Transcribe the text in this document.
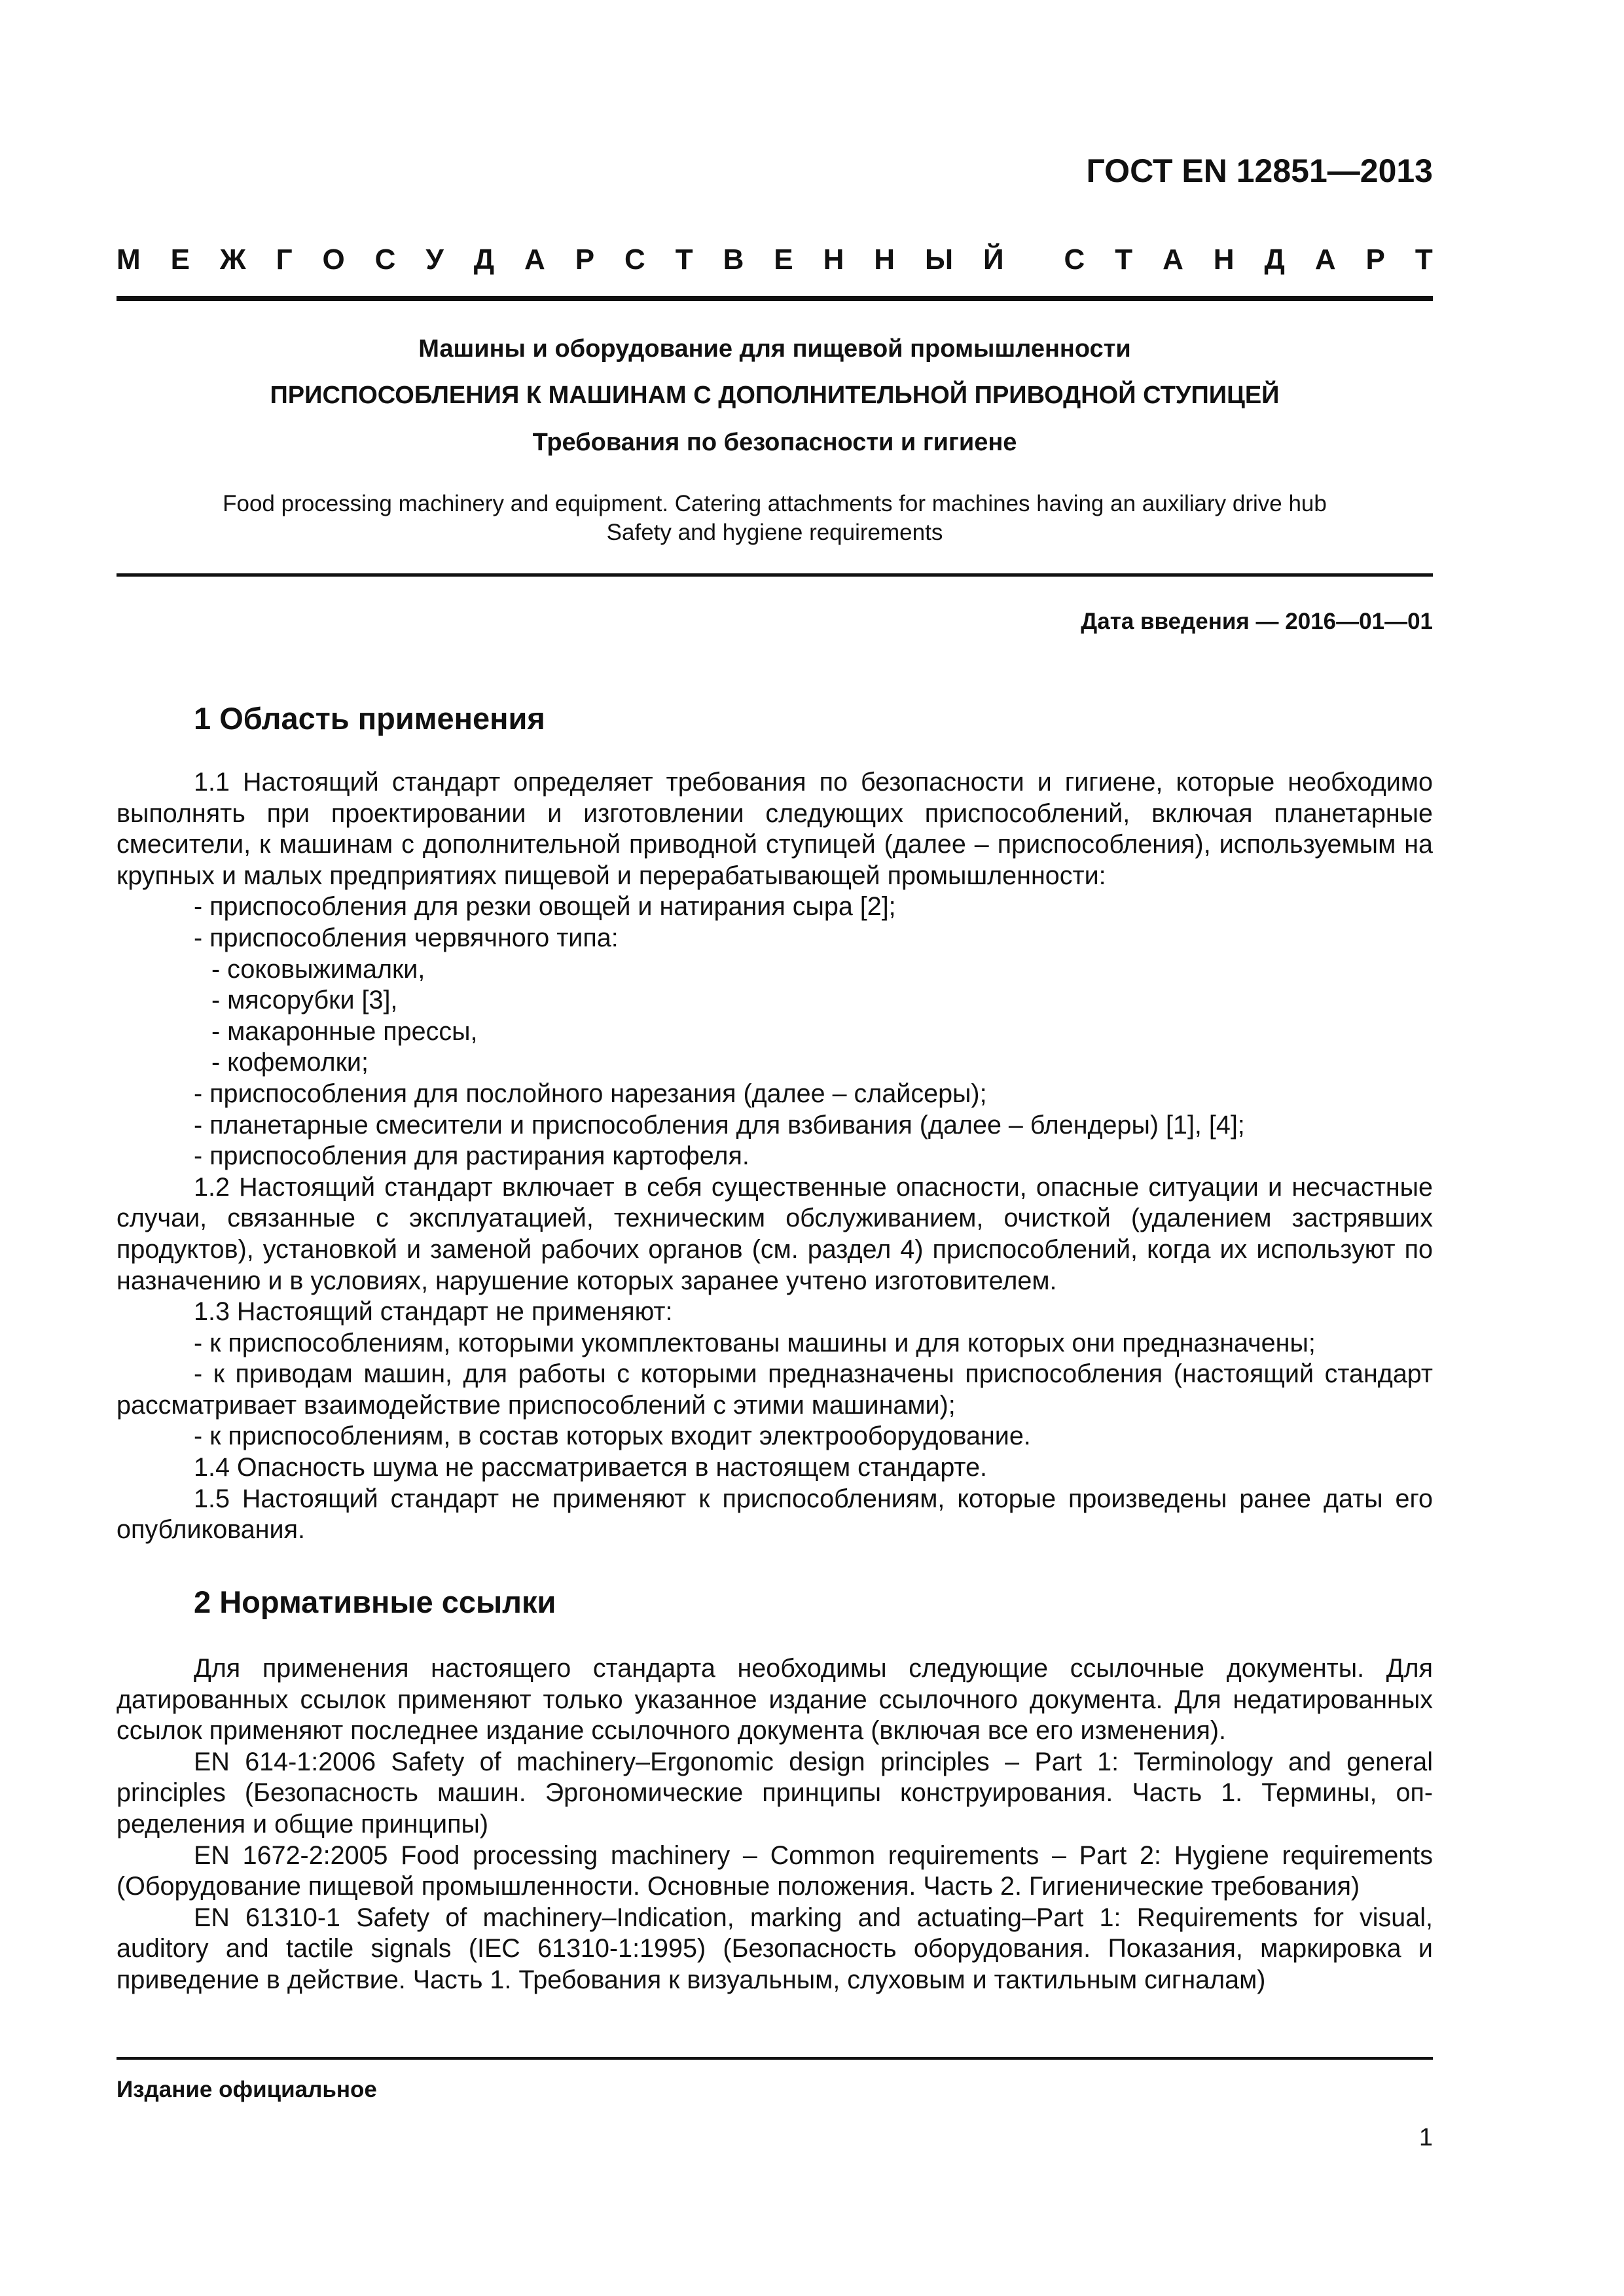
ГОСТ EN 12851—2013
М Е Ж Г О С У Д А Р С Т В Е Н Н Ы Й С Т А Н Д А Р Т
Машины и оборудование для пищевой промышленности
ПРИСПОСОБЛЕНИЯ К МАШИНАМ С ДОПОЛНИТЕЛЬНОЙ ПРИВОДНОЙ СТУПИЦЕЙ
Требования по безопасности и гигиене
Food processing machinery and equipment. Catering attachments for machines having an auxiliary drive hub
Safety and hygiene requirements
Дата введения — 2016—01—01
1 Область применения

1.1 Настоящий стандарт определяет требования по безопасности и гигиене, которые необходимо выполнять при проектировании и изготовлении следующих приспособлений, включая планетарные смесители, к машинам с дополнительной приводной ступицей (далее – приспособления), используемым на крупных и малых предприятиях пищевой и перерабатывающей промышленности:

- приспособления для резки овощей и натирания сыра [2];

- приспособления червячного типа:

- соковыжималки,

- мясорубки [3],

- макаронные прессы,

- кофемолки;

- приспособления для послойного нарезания (далее – слайсеры);

- планетарные смесители и приспособления для взбивания (далее – блендеры) [1], [4];

- приспособления для растирания картофеля.

1.2 Настоящий стандарт включает в себя существенные опасности, опасные ситуации и несчастные случаи, связанные с эксплуатацией, техническим обслуживанием, очисткой (удалением застрявших продуктов), установкой и заменой рабочих органов (см. раздел 4) приспособлений, когда их используют по назначению и в условиях, нарушение которых заранее учтено изготовителем.

1.3 Настоящий стандарт не применяют:

- к приспособлениям, которыми укомплектованы машины и для которых они предназначены;

- к приводам машин, для работы с которыми предназначены приспособления (настоящий стандарт рассматривает взаимодействие приспособлений с этими машинами);

- к приспособлениям, в состав которых входит электрооборудование.

1.4 Опасность шума не рассматривается в настоящем стандарте.

1.5 Настоящий стандарт не применяют к приспособлениям, которые произведены ранее даты его опубликования.

2 Нормативные ссылки

Для применения настоящего стандарта необходимы следующие ссылочные документы. Для датированных ссылок применяют только указанное издание ссылочного документа. Для недатированных ссылок применяют последнее издание ссылочного документа (включая все его изменения).

EN 614-1:2006 Safety of machinery–Ergonomic design principles – Part 1: Terminology and general principles (Безопасность машин. Эргономические принципы конструирования. Часть 1. Термины, определения и общие принципы)

EN 1672-2:2005 Food processing machinery – Common requirements – Part 2: Hygiene requirements (Оборудование пищевой промышленности. Основные положения. Часть 2. Гигиенические требования)

EN 61310-1 Safety of machinery–Indication, marking and actuating–Part 1: Requirements for visual, auditory and tactile signals (IEC 61310-1:1995) (Безопасность оборудования. Показания, маркировка и приведение в действие. Часть 1. Требования к визуальным, слуховым и тактильным сигналам)

Издание официальное
1
